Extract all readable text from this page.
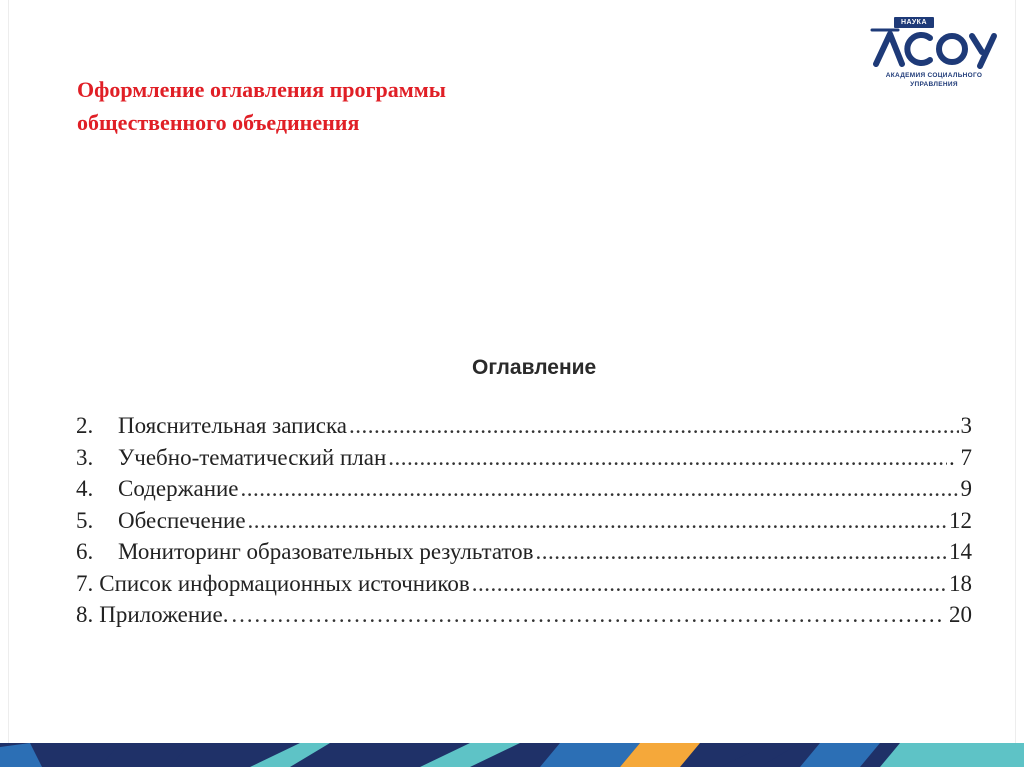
Оформление оглавления программы
общественного объединения
НАУКА
АКАДЕМИЯ СОЦИАЛЬНОГО
УПРАВЛЕНИЯ
Оглавление
2.	Пояснительная записка .....	3
3.	Учебно-тематический план .....	. 7
4.	Содержание .....	9
5.	Обеспечение .....	12
6.	Мониторинг образовательных результатов .....	14
7. Список информационных источников .....	18
8. Приложение. ………………………………………………………………………………………………………………………………………………	…… 20
